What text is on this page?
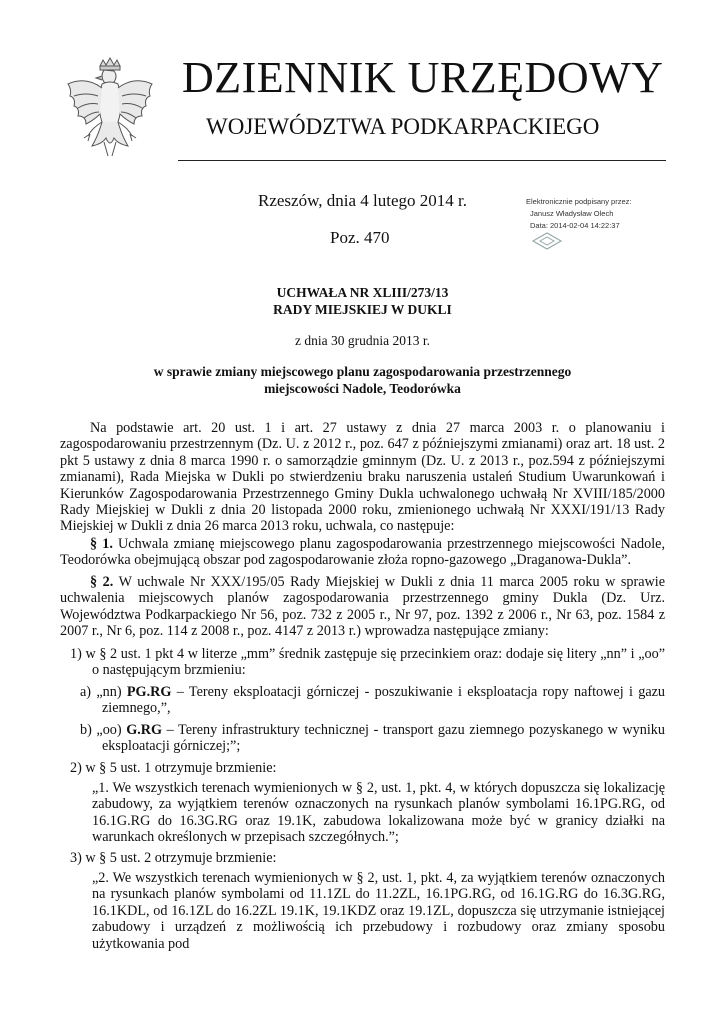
DZIENNIK URZĘDOWY
WOJEWÓDZTWA PODKARPACKIEGO
Rzeszów, dnia 4 lutego 2014 r.
Poz. 470
Elektronicznie podpisany przez:
Janusz Władysław Olech
Data: 2014-02-04 14:22:37
UCHWAŁA NR XLIII/273/13
RADY MIEJSKIEJ W DUKLI
z dnia 30 grudnia 2013 r.
w sprawie zmiany miejscowego planu zagospodarowania przestrzennego
miejscowości Nadole, Teodorówka

Na podstawie art. 20 ust. 1 i art. 27 ustawy z dnia 27 marca 2003 r. o planowaniu i zagospodarowaniu przestrzennym (Dz. U. z 2012 r., poz. 647 z późniejszymi zmianami) oraz art. 18 ust. 2 pkt 5 ustawy z dnia 8 marca 1990 r. o samorządzie gminnym (Dz. U. z 2013 r., poz.594 z późniejszymi zmianami), Rada Miejska w Dukli po stwierdzeniu braku naruszenia ustaleń Studium Uwarunkowań i Kierunków Zagospodarowania Przestrzennego Gminy Dukla uchwalonego uchwałą Nr XVIII/185/2000 Rady Miejskiej w Dukli z dnia 20 listopada 2000 roku, zmienionego uchwałą Nr XXXI/191/13 Rady Miejskiej w Dukli z dnia 26 marca 2013 roku, uchwala, co następuje:

§ 1. Uchwala zmianę miejscowego planu zagospodarowania przestrzennego miejscowości Nadole, Teodorówka obejmującą obszar pod zagospodarowanie złoża ropno-gazowego „Draganowa-Dukla”.

§ 2. W uchwale Nr XXX/195/05 Rady Miejskiej w Dukli z dnia 11 marca 2005 roku w sprawie uchwalenia miejscowych planów zagospodarowania przestrzennego gminy Dukla (Dz. Urz. Województwa Podkarpackiego Nr 56, poz. 732 z 2005 r., Nr 97, poz. 1392 z 2006 r., Nr 63, poz. 1584 z 2007 r., Nr 6, poz. 114 z 2008 r., poz. 4147 z 2013 r.) wprowadza następujące zmiany:

1) w § 2 ust. 1 pkt 4 w literze „mm” średnik zastępuje się przecinkiem oraz: dodaje się litery „nn” i „oo” o następującym brzmieniu:

a) „nn) PG.RG – Tereny eksploatacji górniczej - poszukiwanie i eksploatacja ropy naftowej i gazu ziemnego,”,

b) „oo) G.RG – Tereny infrastruktury technicznej - transport gazu ziemnego pozyskanego w wyniku eksploatacji górniczej;”;

2) w § 5 ust. 1 otrzymuje brzmienie:

„1. We wszystkich terenach wymienionych w § 2, ust. 1, pkt. 4, w których dopuszcza się lokalizację zabudowy, za wyjątkiem terenów oznaczonych na rysunkach planów symbolami 16.1PG.RG, od 16.1G.RG do 16.3G.RG oraz 19.1K, zabudowa lokalizowana może być w granicy działki na warunkach określonych w przepisach szczegółnych.”;

3) w § 5 ust. 2 otrzymuje brzmienie:

„2. We wszystkich terenach wymienionych w § 2, ust. 1, pkt. 4, za wyjątkiem terenów oznaczonych na rysunkach planów symbolami od 11.1ZL do 11.2ZL, 16.1PG.RG, od 16.1G.RG do 16.3G.RG, 16.1KDL, od 16.1ZL do 16.2ZL 19.1K, 19.1KDZ oraz 19.1ZL, dopuszcza się utrzymanie istniejącej zabudowy i urządzeń z możliwością ich przebudowy i rozbudowy oraz zmiany sposobu użytkowania pod
